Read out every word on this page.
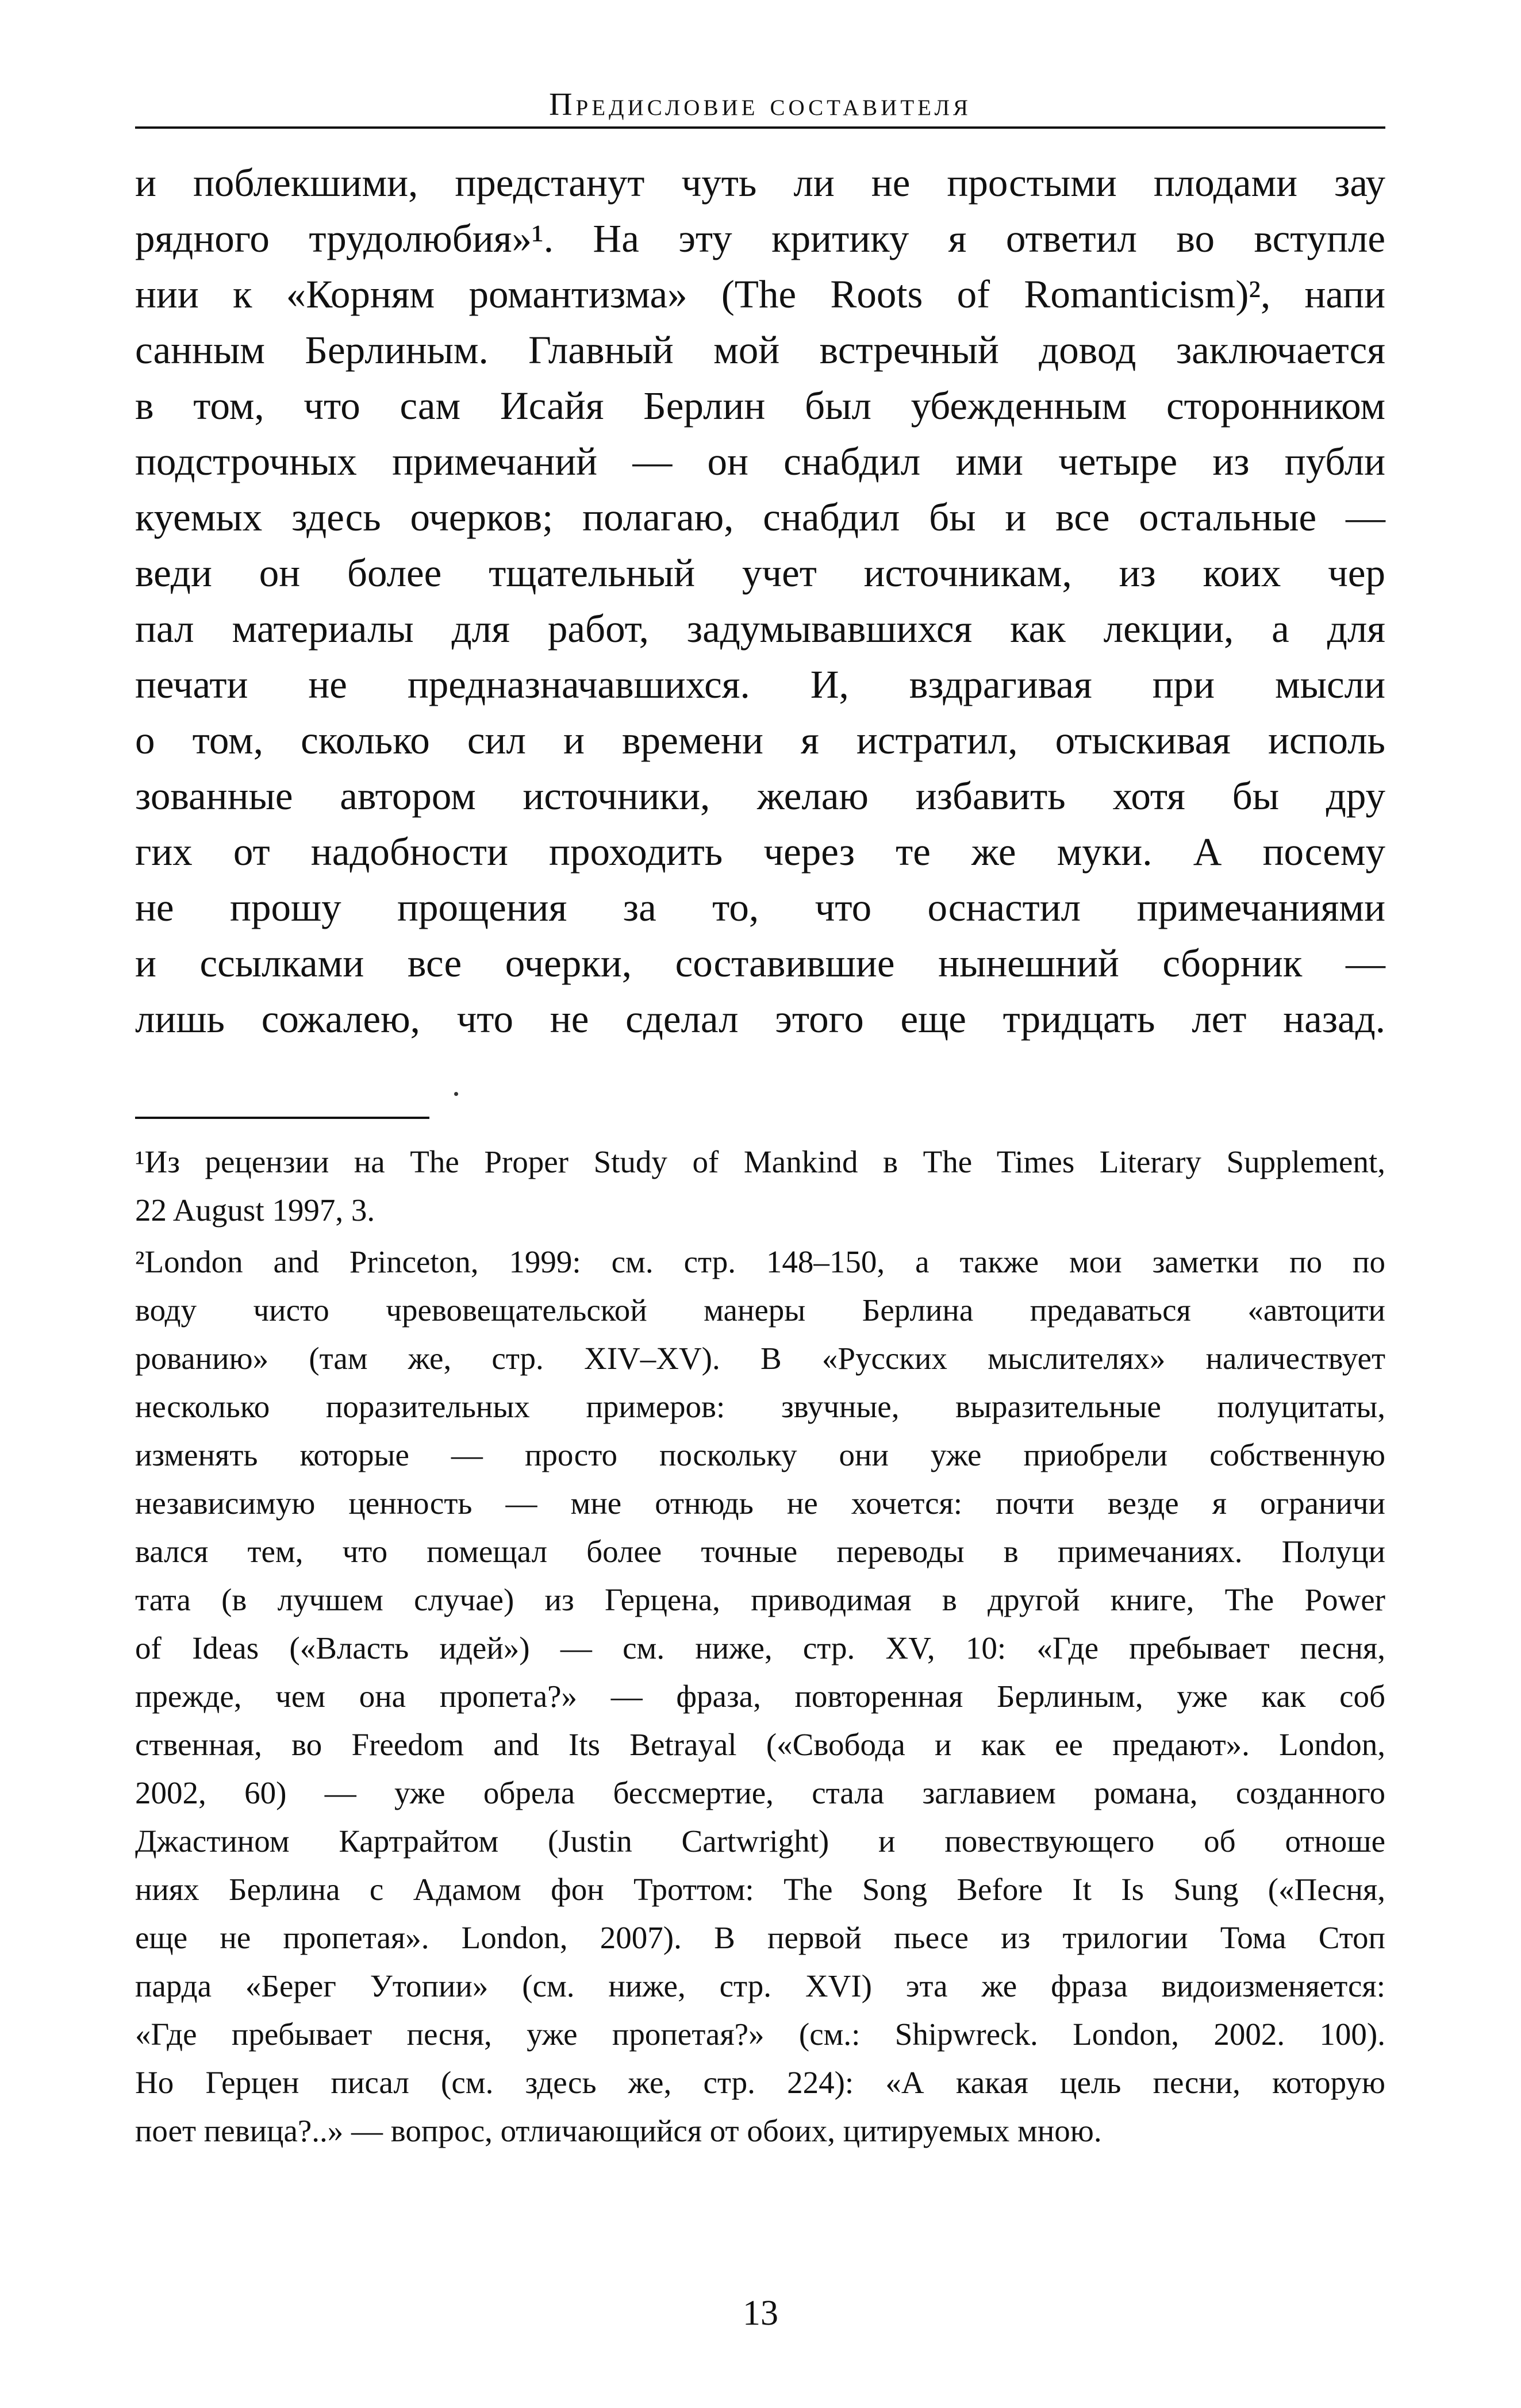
Предисловие составителя
и поблекшими, предстанут чуть ли не простыми плодами зау
рядного трудолюбия»¹. На эту критику я ответил во вступле
нии к «Корням романтизма» (The Roots of Romanticism)², напи
санным Берлиным. Главный мой встречный довод заключается
в том, что сам Исайя Берлин был убежденным сторонником
подстрочных примечаний — он снабдил ими четыре из публи
куемых здесь очерков; полагаю, снабдил бы и все остальные —
веди он более тщательный учет источникам, из коих чер
пал материалы для работ, задумывавшихся как лекции, а для
печати не предназначавшихся. И, вздрагивая при мысли
о том, сколько сил и времени я истратил, отыскивая исполь
зованные автором источники, желаю избавить хотя бы дру
гих от надобности проходить через те же муки. А посему
не прошу прощения за то, что оснастил примечаниями
и ссылками все очерки, составившие нынешний сборник —
лишь сожалею, что не сделал этого еще тридцать лет назад.
¹Из рецензии на The Proper Study of Mankind в The Times Literary Supplement,
22 August 1997, 3.
²London and Princeton, 1999: см. стр. 148–150, а также мои заметки по по
воду чисто чревовещательской манеры Берлина предаваться «автоцити
рованию» (там же, стр. XIV–XV). В «Русских мыслителях» наличествует
несколько поразительных примеров: звучные, выразительные полуцитаты,
изменять которые — просто поскольку они уже приобрели собственную
независимую ценность — мне отнюдь не хочется: почти везде я ограничи
вался тем, что помещал более точные переводы в примечаниях. Полуци
тата (в лучшем случае) из Герцена, приводимая в другой книге, The Power
of Ideas («Власть идей») — см. ниже, стр. XV, 10: «Где пребывает песня,
прежде, чем она пропета?» — фраза, повторенная Берлиным, уже как соб
ственная, во Freedom and Its Betrayal («Свобода и как ее предают». London,
2002, 60) — уже обрела бессмертие, стала заглавием романа, созданного
Джастином Картрайтом (Justin Cartwright) и повествующего об отноше
ниях Берлина с Адамом фон Троттом: The Song Before It Is Sung («Песня,
еще не пропетая». London, 2007). В первой пьесе из трилогии Тома Стоп
парда «Берег Утопии» (см. ниже, стр. XVI) эта же фраза видоизменяется:
«Где пребывает песня, уже пропетая?» (см.: Shipwreck. London, 2002. 100).
Но Герцен писал (см. здесь же, стр. 224): «А какая цель песни, которую
поет певица?..» — вопрос, отличающийся от обоих, цитируемых мною.
13
